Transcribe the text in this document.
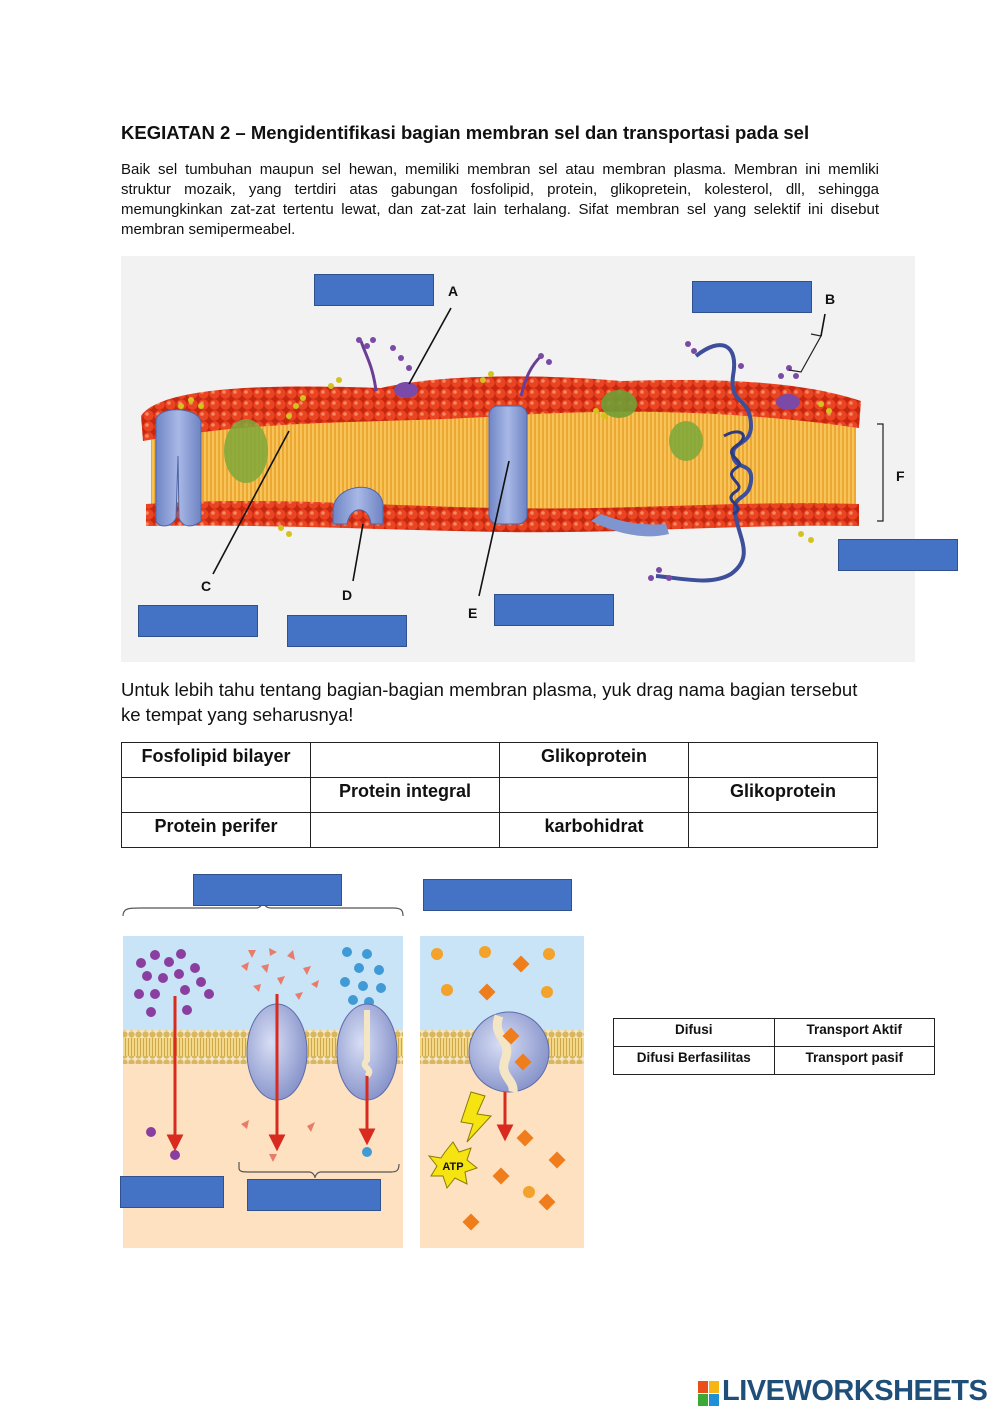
KEGIATAN 2 – Mengidentifikasi bagian membran sel dan transportasi pada sel
Baik sel tumbuhan maupun sel hewan, memiliki membran sel atau membran plasma. Membran ini memliki struktur mozaik, yang tertdiri atas gabungan fosfolipid, protein, glikopretein, kolesterol, dll, sehingga memungkinkan zat-zat tertentu lewat, dan zat-zat lain terhalang. Sifat membran sel yang selektif ini disebut membran semipermeabel.
pak.pandani.web.id
A	B
C
D
E
F
Untuk lebih tahu tentang bagian-bagian membran plasma, yuk drag nama bagian tersebut ke tempat yang seharusnya!
Fosfolipid bilayer		Glikoprotein	
	Protein integral		Glikoprotein
Protein perifer		karbohidrat	
ATP
Difusi	Transport Aktif
Difusi Berfasilitas	Transport pasif
LIVEWORKSHEETS
